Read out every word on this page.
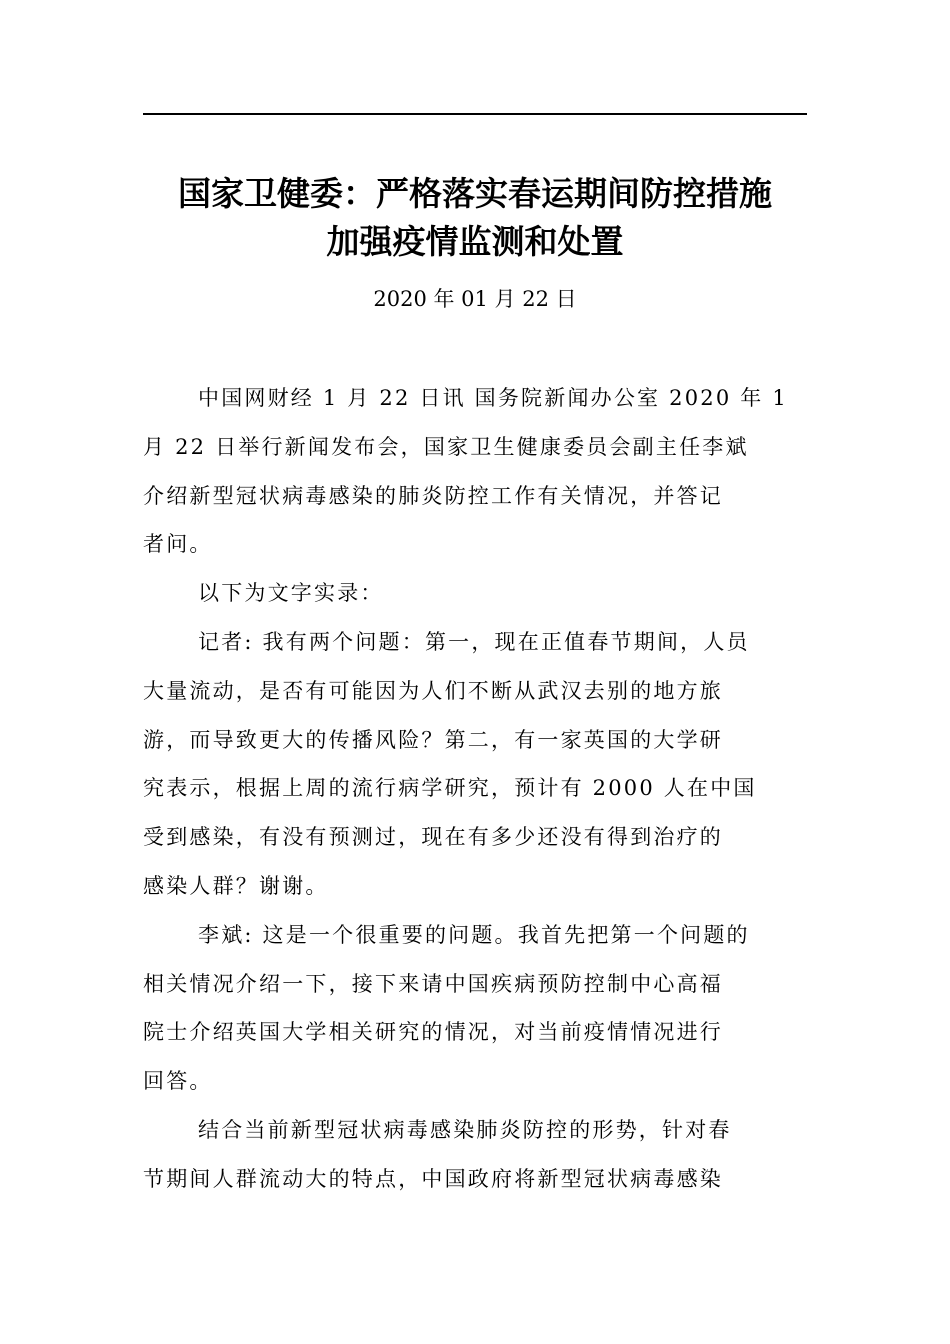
国家卫健委：严格落实春运期间防控措施
加强疫情监测和处置
2020 年 01 月 22 日
中国网财经 1 月 22 日讯 国务院新闻办公室 2020 年 1
月 22 日举行新闻发布会，国家卫生健康委员会副主任李斌
介绍新型冠状病毒感染的肺炎防控工作有关情况，并答记
者问。
以下为文字实录：
记者: 我有两个问题：第一，现在正值春节期间，人员
大量流动，是否有可能因为人们不断从武汉去别的地方旅
游，而导致更大的传播风险？第二，有一家英国的大学研
究表示，根据上周的流行病学研究，预计有 2000 人在中国
受到感染，有没有预测过，现在有多少还没有得到治疗的
感染人群？谢谢。
李斌: 这是一个很重要的问题。我首先把第一个问题的
相关情况介绍一下，接下来请中国疾病预防控制中心高福
院士介绍英国大学相关研究的情况，对当前疫情情况进行
回答。
结合当前新型冠状病毒感染肺炎防控的形势，针对春
节期间人群流动大的特点，中国政府将新型冠状病毒感染
